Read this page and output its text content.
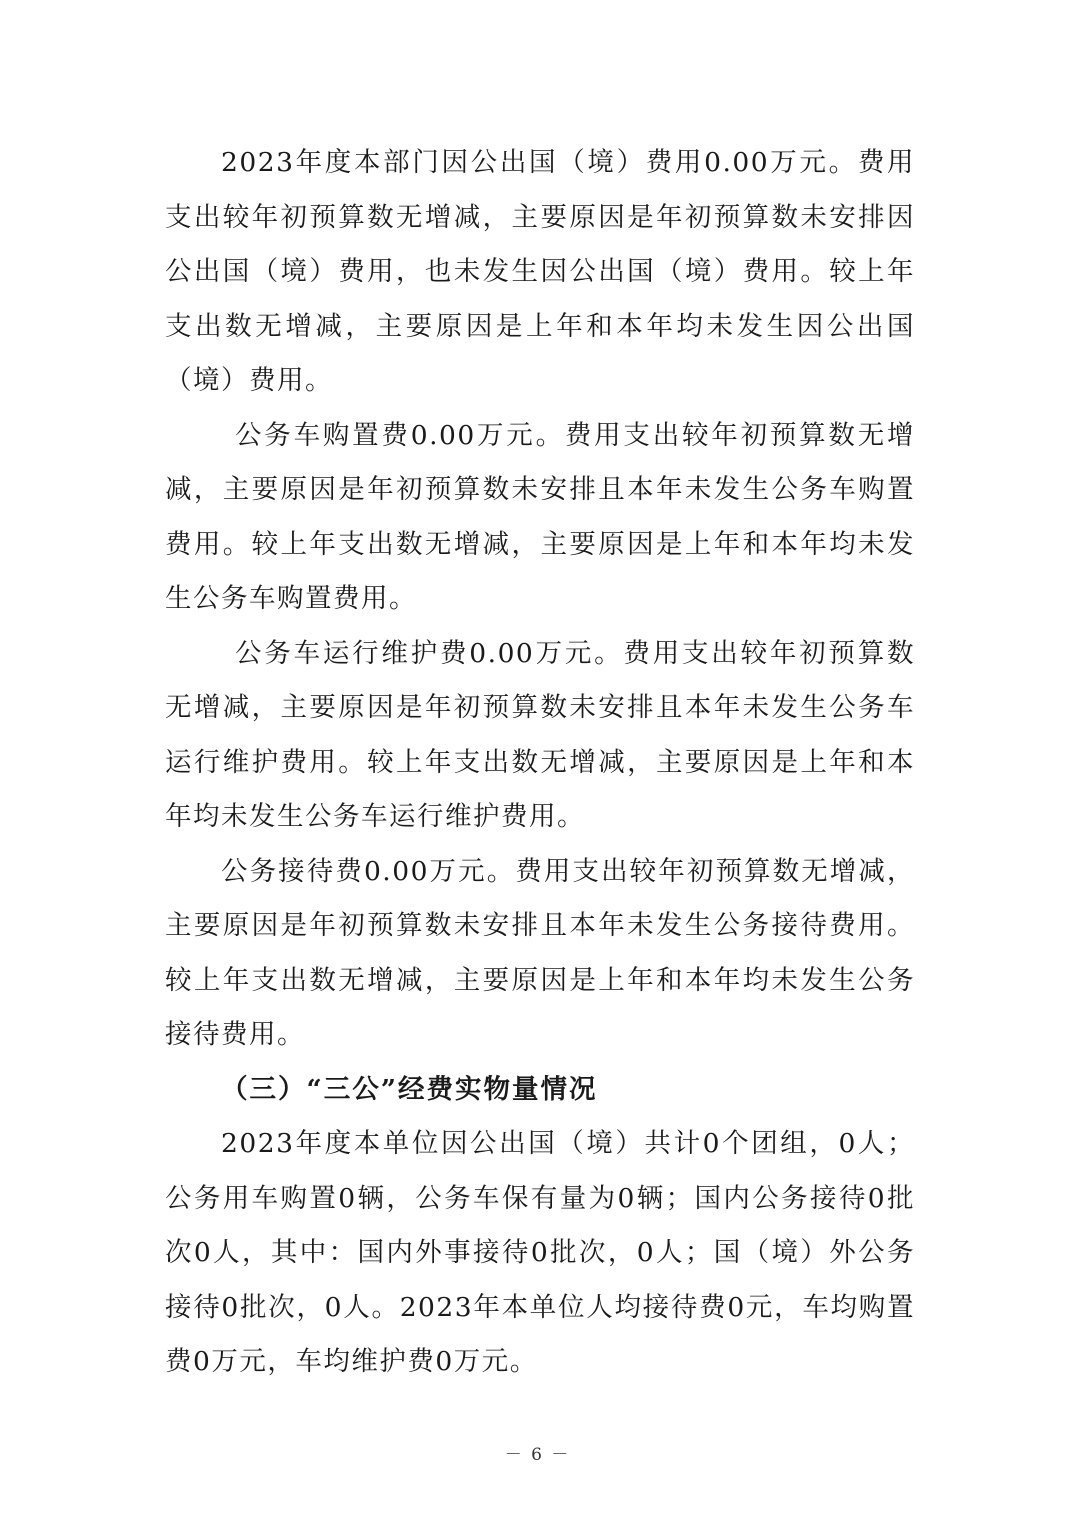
2023年度本部门因公出国（境）费用0.00万元。费用支出较年初预算数无增减，主要原因是年初预算数未安排因公出国（境）费用，也未发生因公出国（境）费用。较上年支出数无增减，主要原因是上年和本年均未发生因公出国（境）费用。

公务车购置费0.00万元。费用支出较年初预算数无增减，主要原因是年初预算数未安排且本年未发生公务车购置费用。较上年支出数无增减，主要原因是上年和本年均未发生公务车购置费用。

公务车运行维护费0.00万元。费用支出较年初预算数无增减，主要原因是年初预算数未安排且本年未发生公务车运行维护费用。较上年支出数无增减，主要原因是上年和本年均未发生公务车运行维护费用。

公务接待费0.00万元。费用支出较年初预算数无增减，主要原因是年初预算数未安排且本年未发生公务接待费用。较上年支出数无增减，主要原因是上年和本年均未发生公务接待费用。

（三）“三公”经费实物量情况

2023年度本单位因公出国（境）共计0个团组，0人；公务用车购置0辆，公务车保有量为0辆；国内公务接待0批次0人，其中：国内外事接待0批次，0人；国（境）外公务接待0批次，0人。2023年本单位人均接待费0元，车均购置费0万元，车均维护费0万元。

－ 6 －
